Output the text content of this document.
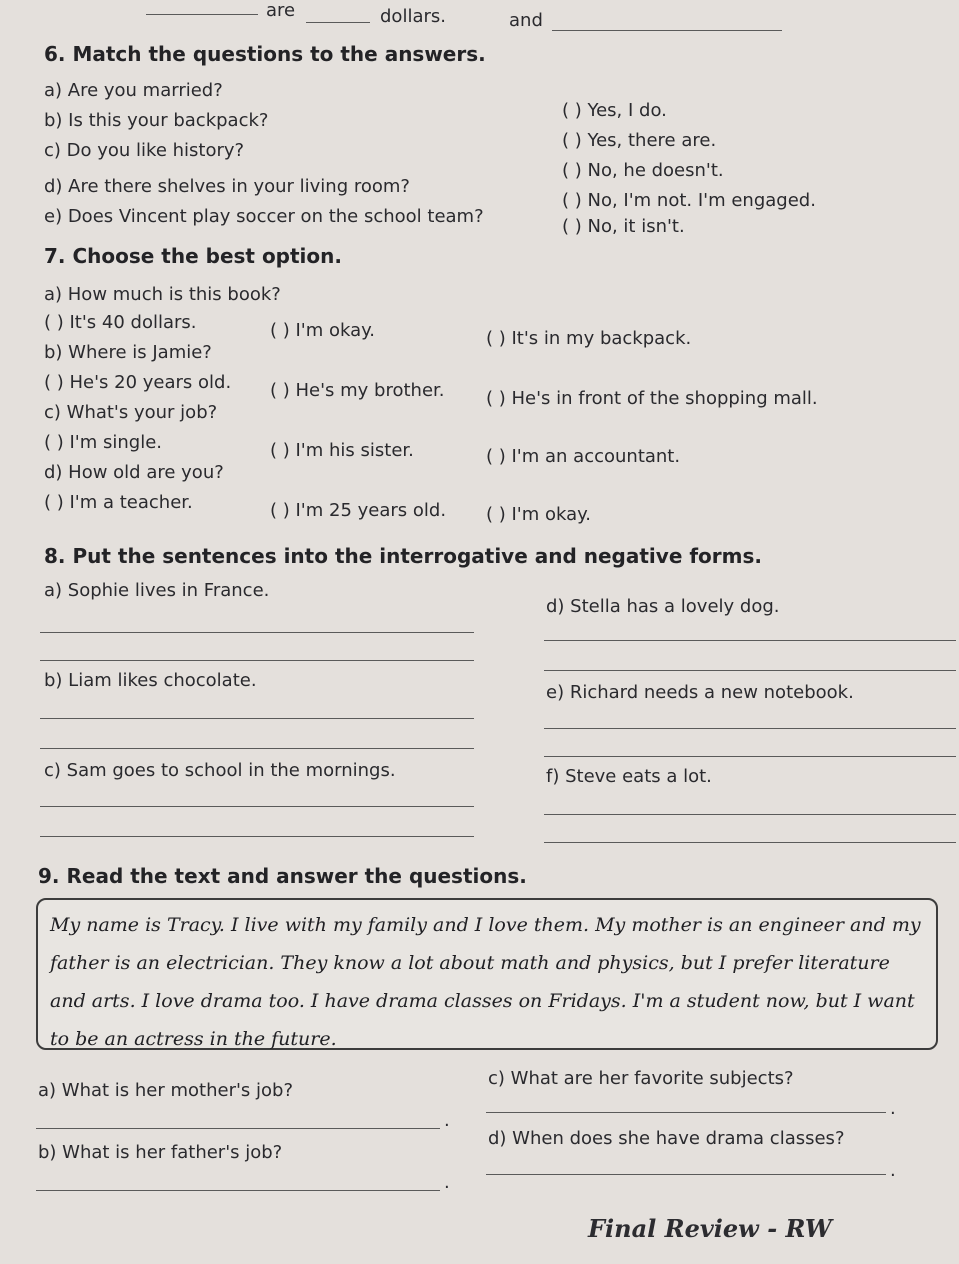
are	dollars.	and
6. Match the questions to the answers.
a) Are you married?
b) Is this your backpack?
c) Do you like history?
d) Are there shelves in your living room?
e) Does Vincent play soccer on the school team?
( ) Yes, I do.
( ) Yes, there are.
( ) No, he doesn't.
( ) No, I'm not. I'm engaged.
( ) No, it isn't.
7. Choose the best option.
a) How much is this book?
( ) It's 40 dollars.	( ) I'm okay.	( ) It's in my backpack.
b) Where is Jamie?
( ) He's 20 years old. ( ) He's my brother. ( ) He's in front of the shopping mall.
c) What's your job?
( ) I'm single.	( ) I'm his sister.	( ) I'm an accountant.
d) How old are you?
( ) I'm a teacher.	( ) I'm 25 years old. ( ) I'm okay.
8. Put the sentences into the interrogative and negative forms.
a) Sophie lives in France.
b) Liam likes chocolate.
c) Sam goes to school in the mornings.
d) Stella has a lovely dog.
e) Richard needs a new notebook.
f) Steve eats a lot.
9. Read the text and answer the questions.
My name is Tracy. I live with my family and I love them. My mother is an engineer and my father is an electrician. They know a lot about math and physics, but I prefer literature and arts. I love drama too. I have drama classes on Fridays. I'm a student now, but I want to be an actress in the future.
a) What is her mother's job?
.
b) What is her father's job?
.
c) What are her favorite subjects?
.
d) When does she have drama classes?
.
Final Review - RW
